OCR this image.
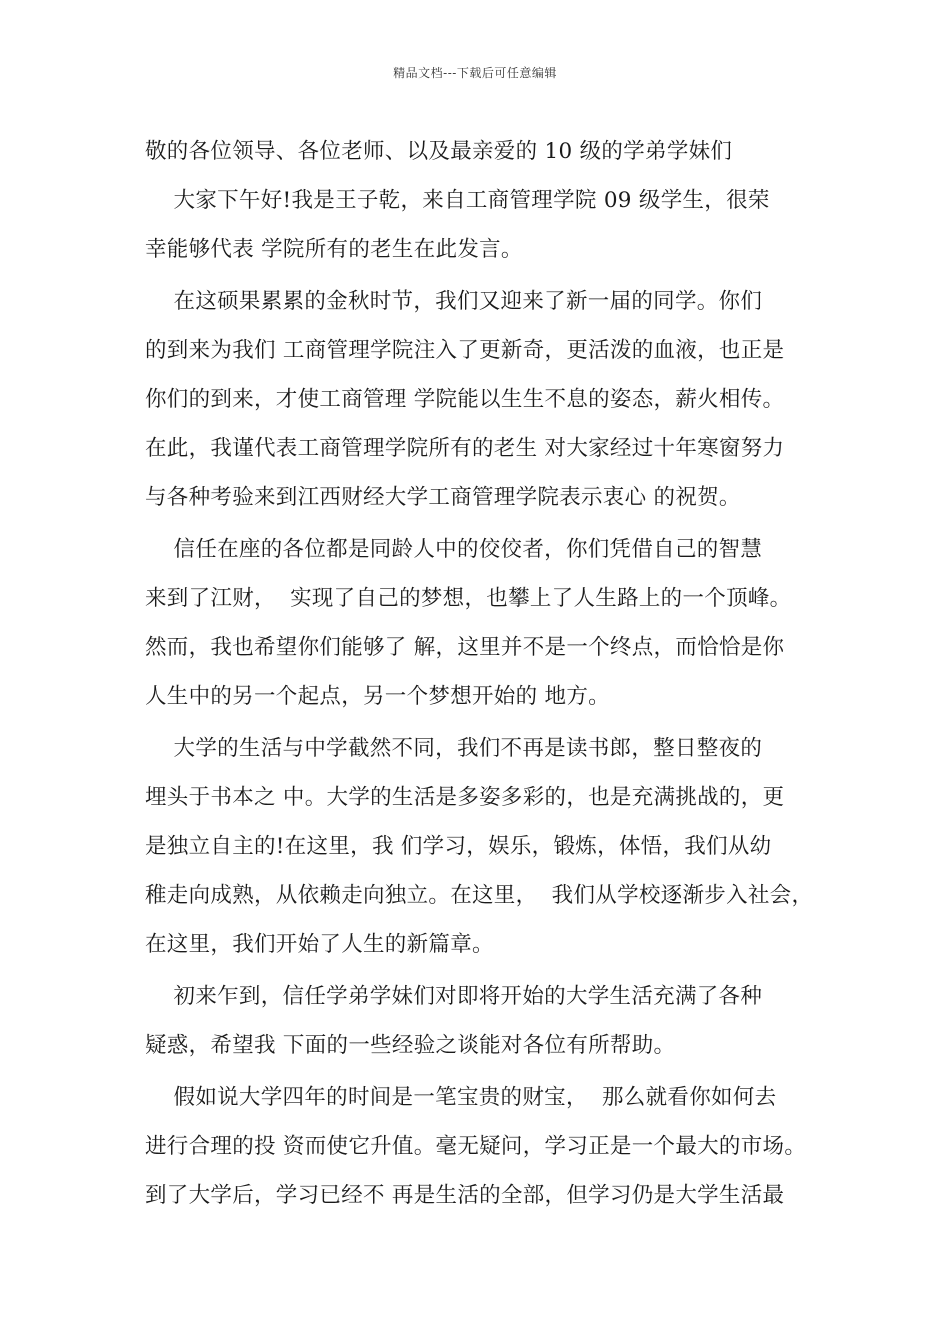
精品文档---下载后可任意编辑
敬的各位领导、各位老师、以及最亲爱的 10 级的学弟学妹们
大家下午好!我是王子乾，来自工商管理学院 09 级学生，很荣
幸能够代表 学院所有的老生在此发言。
在这硕果累累的金秋时节，我们又迎来了新一届的同学。你们
的到来为我们 工商管理学院注入了更新奇，更活泼的血液，也正是
你们的到来，才使工商管理 学院能以生生不息的姿态，薪火相传。
在此，我谨代表工商管理学院所有的老生 对大家经过十年寒窗努力
与各种考验来到江西财经大学工商管理学院表示衷心 的祝贺。
信任在座的各位都是同龄人中的佼佼者，你们凭借自己的智慧
来到了江财，  实现了自己的梦想，也攀上了人生路上的一个顶峰。
然而，我也希望你们能够了 解，这里并不是一个终点，而恰恰是你
人生中的另一个起点，另一个梦想开始的 地方。
大学的生活与中学截然不同，我们不再是读书郎，整日整夜的
埋头于书本之 中。大学的生活是多姿多彩的，也是充满挑战的，更
是独立自主的!在这里，我 们学习，娱乐，锻炼，体悟，我们从幼
稚走向成熟，从依赖走向独立。在这里，  我们从学校逐渐步入社会，
在这里，我们开始了人生的新篇章。
初来乍到，信任学弟学妹们对即将开始的大学生活充满了各种
疑惑，希望我 下面的一些经验之谈能对各位有所帮助。
假如说大学四年的时间是一笔宝贵的财宝，  那么就看你如何去
进行合理的投 资而使它升值。毫无疑问，学习正是一个最大的市场。
到了大学后，学习已经不 再是生活的全部，但学习仍是大学生活最
